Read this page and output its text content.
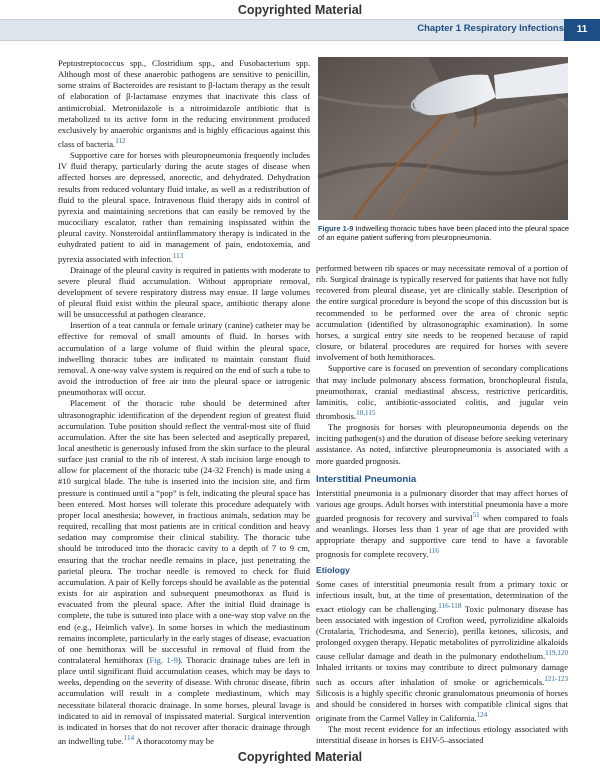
Copyrighted Material
Chapter 1 Respiratory Infections	11

Peptostreptococcus spp., Clostridium spp., and Fusobacterium spp. Although most of these anaerobic pathogens are sensitive to penicillin, some strains of Bacteroides are resistant to β-lactam therapy as the result of elaboration of β-lactamase enzymes that inactivate this class of antimicrobial. Metronidazole is a nitroimidazole antibiotic that is metabolized to its active form in the reducing environment produced exclusively by anaerobic organisms and is highly efficacious against this class of bacteria.$^{112}$

Supportive care for horses with pleuropneumonia frequently includes IV fluid therapy, particularly during the acute stages of disease when affected horses are depressed, anorectic, and dehydrated. Dehydration results from reduced voluntary fluid intake, as well as a redistribution of fluid to the pleural space. Intravenous fluid therapy aids in control of pyrexia and maintaining secretions that can easily be removed by the mucociliary escalator, rather than remaining inspissated within the pleural cavity. Nonsteroidal antiinflammatory therapy is indicated in the euhydrated patient to aid in management of pain, endotoxemia, and pyrexia associated with infection.$^{113}$

Drainage of the pleural cavity is required in patients with moderate to severe pleural fluid accumulation. Without appropriate removal, development of severe respiratory distress may ensue. If large volumes of pleural fluid exist within the pleural space, antibiotic therapy alone will be unsuccessful at pathogen clearance.

Insertion of a teat cannula or female urinary (canine) catheter may be effective for removal of small amounts of fluid. In horses with accumulation of a large volume of fluid within the pleural space, indwelling thoracic tubes are indicated to maintain constant fluid removal. A one-way valve system is required on the end of such a tube to avoid the introduction of free air into the pleural space or iatrogenic pneumothorax will occur.

Placement of the thoracic tube should be determined after ultrasonographic identification of the dependent region of greatest fluid accumulation. Tube position should reflect the ventral-most site of fluid accumulation. After the site has been selected and aseptically prepared, local anesthetic is generously infused from the skin surface to the pleural surface just cranial to the rib of interest. A stab incision large enough to allow for placement of the thoracic tube (24-32 French) is made using a #10 surgical blade. The tube is inserted into the incision site, and firm pressure is continued until a “pop” is felt, indicating the pleural space has been entered. Most horses will tolerate this procedure adequately with proper local anesthesia; however, in fractious animals, sedation may be required, recalling that most patients are in critical condition and heavy sedation may compromise their clinical stability. The thoracic tube should be introduced into the thoracic cavity to a depth of 7 to 9 cm, ensuring that the trochar needle remains in place, just penetrating the parietal pleura. The trochar needle is removed to check for fluid accumulation. A pair of Kelly forceps should be available as the potential exists for air aspiration and subsequent pneumothorax as fluid is evacuated from the pleural space. After the initial fluid drainage is complete, the tube is sutured into place with a one-way stop valve on the end (e.g., Heimlich valve). In some horses in which the mediastinum remains incomplete, particularly in the early stages of disease, evacuation of one hemithorax will be successful in removal of fluid from the contralateral hemithorax (Fig. 1-9). Thoracic drainage tubes are left in place until significant fluid accumulation ceases, which may be days to weeks, depending on the severity of disease. With chronic disease, fibrin accumulation will result in a complete mediastinum, which may necessitate bilateral thoracic drainage. In some horses, pleural lavage is indicated to aid in removal of inspissated material. Surgical intervention is indicated in horses that do not recover after thoracic drainage through an indwelling tube.$^{114}$ A thoracotomy may be

Figure 1-9 Indwelling thoracic tubes have been placed into the pleural space of an equine patient suffering from pleuropneumonia.

performed between rib spaces or may necessitate removal of a portion of rib. Surgical drainage is typically reserved for patients that have not fully recovered from pleural disease, yet are clinically stable. Description of the entire surgical procedure is beyond the scope of this discussion but is recommended to be performed over the area of chronic septic accumulation (identified by ultrasonographic examination). In some horses, a surgical entry site needs to be reopened because of rapid closure, or bilateral procedures are required for horses with severe involvement of both hemithoraces.

Supportive care is focused on prevention of secondary complications that may include pulmonary abscess formation, bronchopleural fistula, pneumothorax, cranial mediastinal abscess, restrictive pericarditis, laminitis, colic, antibiotic-associated colitis, and jugular vein thrombosis.$^{10,115}$

The prognosis for horses with pleuropneumonia depends on the inciting pathogen(s) and the duration of disease before seeking veterinary assistance. As noted, infarctive pleuropneumonia is associated with a more guarded prognosis.

Interstitial Pneumonia

Interstitial pneumonia is a pulmonary disorder that may affect horses of various age groups. Adult horses with interstitial pneumonia have a more guarded prognosis for recovery and survival$^{51}$ when compared to foals and weanlings. Horses less than 1 year of age that are provided with appropriate therapy and supportive care tend to have a favorable prognosis for complete recovery.$^{116}$

Etiology

Some cases of interstitial pneumonia result from a primary toxic or infectious insult, but, at the time of presentation, determination of the exact etiology can be challenging.$^{116-118}$ Toxic pulmonary disease has been associated with ingestion of Crofton weed, pyrrolizidine alkaloids (Crotalaria, Trichodesma, and Senecio), perilla ketones, silicosis, and prolonged oxygen therapy. Hepatic metabolites of pyrrolizidine alkaloids cause cellular damage and death in the pulmonary endothelium.$^{119,120}$ Inhaled irritants or toxins may contribute to direct pulmonary damage such as occurs after inhalation of smoke or agrichemicals.$^{121-123}$ Silicosis is a highly specific chronic granulomatous pneumonia of horses and should be considered in horses with compatible clinical signs that originate from the Carmel Valley in California.$^{124}$

The most recent evidence for an infectious etiology associated with interstitial disease in horses is EHV-5–associated

Copyrighted Material
